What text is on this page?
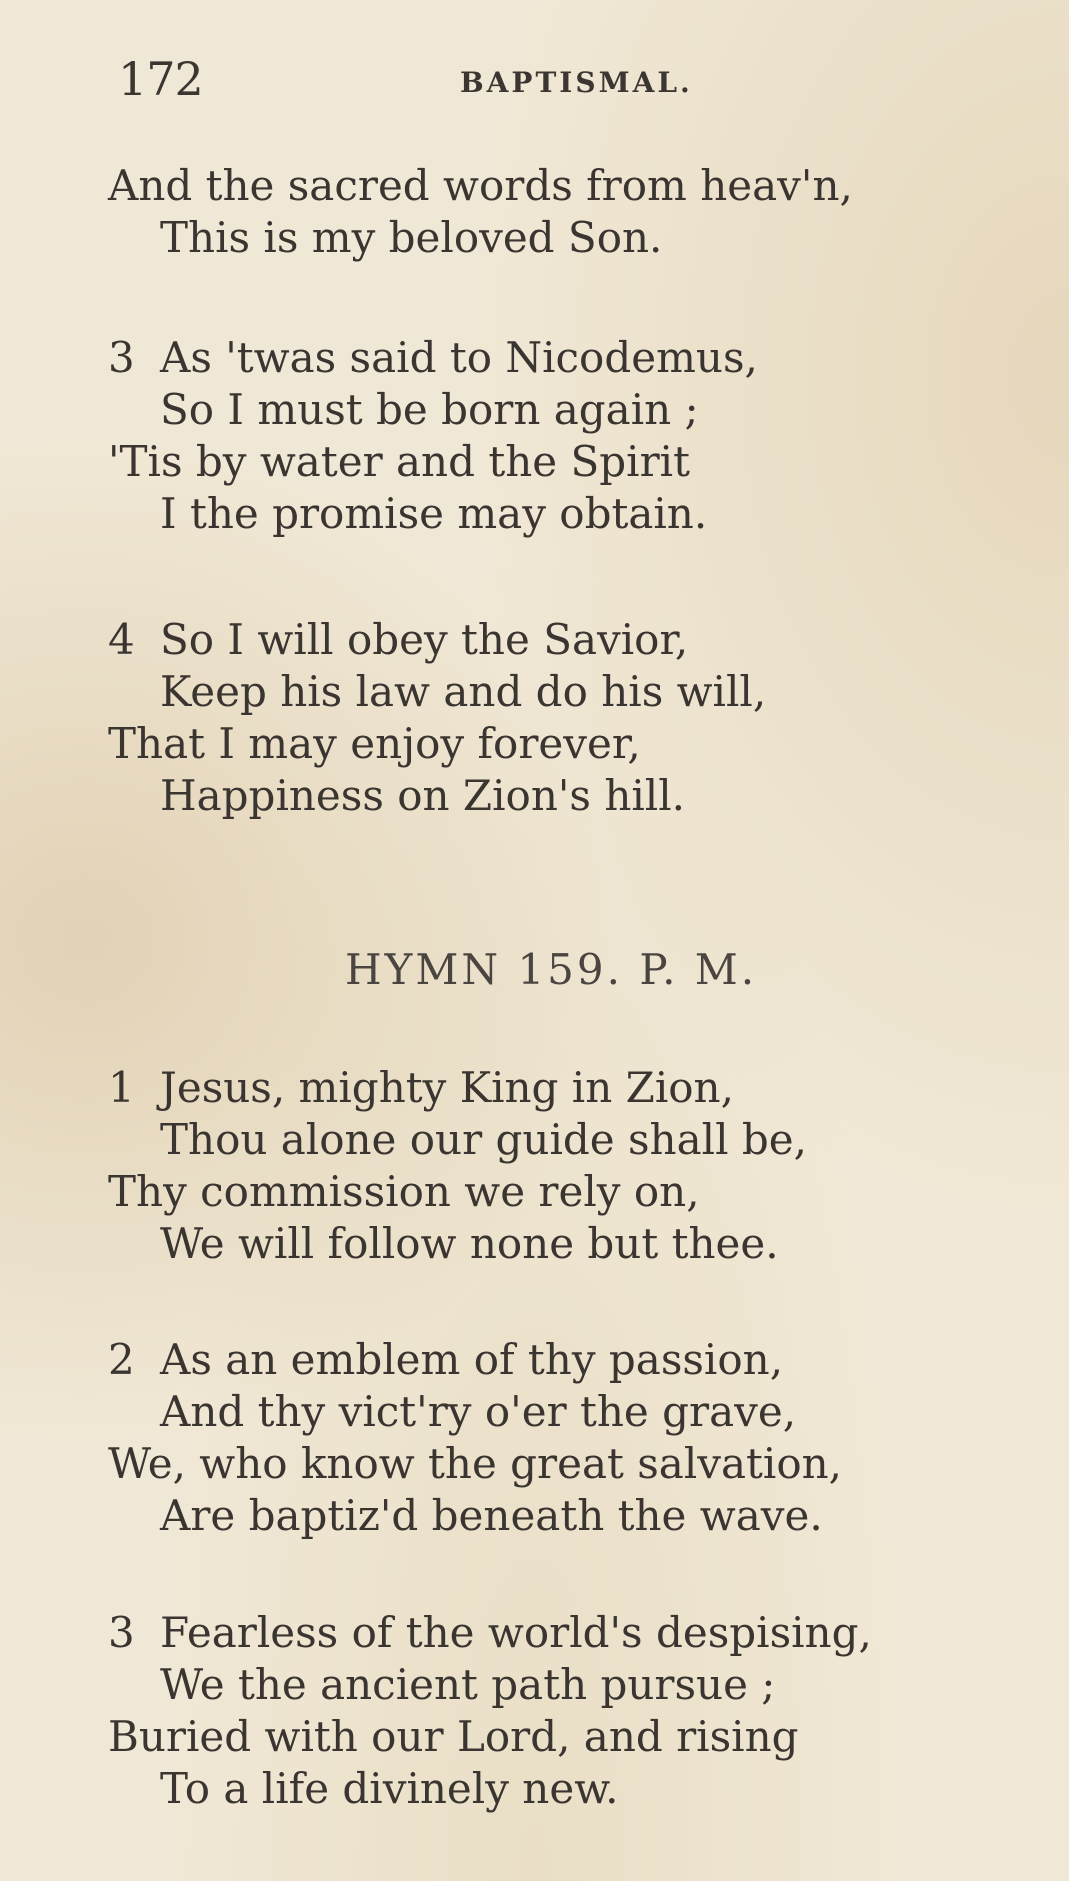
172	BAPTISMAL.
And the sacred words from heav'n,
This is my beloved Son.
3 As 'twas said to Nicodemus,
So I must be born again ;
'Tis by water and the Spirit
I the promise may obtain.
4 So I will obey the Savior,
Keep his law and do his will,
That I may enjoy forever,
Happiness on Zion's hill.
HYMN 159. P. M.
1 Jesus, mighty King in Zion,
Thou alone our guide shall be,
Thy commission we rely on,
We will follow none but thee.
2 As an emblem of thy passion,
And thy vict'ry o'er the grave,
We, who know the great salvation,
Are baptiz'd beneath the wave.
3 Fearless of the world's despising,
We the ancient path pursue ;
Buried with our Lord, and rising
To a life divinely new.
